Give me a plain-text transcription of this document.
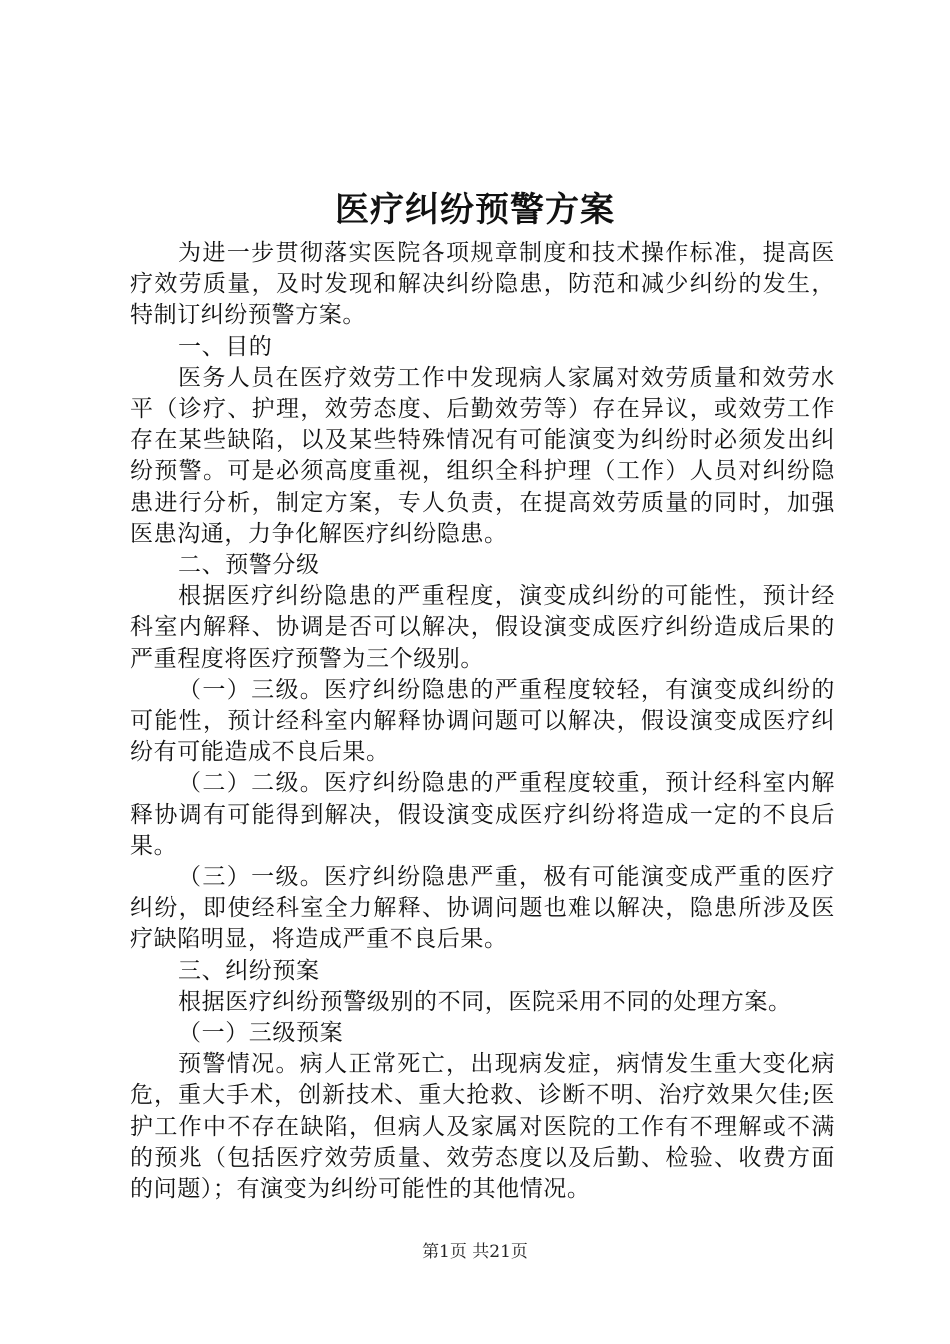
医疗纠纷预警方案

为进一步贯彻落实医院各项规章制度和技术操作标准，提高医疗效劳质量，及时发现和解决纠纷隐患，防范和减少纠纷的发生，特制订纠纷预警方案。

一、目的

医务人员在医疗效劳工作中发现病人家属对效劳质量和效劳水平（诊疗、护理，效劳态度、后勤效劳等）存在异议，或效劳工作存在某些缺陷，以及某些特殊情况有可能演变为纠纷时必须发出纠纷预警。可是必须高度重视，组织全科护理（工作）人员对纠纷隐患进行分析，制定方案，专人负责，在提高效劳质量的同时，加强医患沟通，力争化解医疗纠纷隐患。

二、预警分级

根据医疗纠纷隐患的严重程度，演变成纠纷的可能性，预计经科室内解释、协调是否可以解决，假设演变成医疗纠纷造成后果的严重程度将医疗预警为三个级别。

（一）三级。医疗纠纷隐患的严重程度较轻，有演变成纠纷的可能性，预计经科室内解释协调问题可以解决，假设演变成医疗纠纷有可能造成不良后果。

（二）二级。医疗纠纷隐患的严重程度较重，预计经科室内解释协调有可能得到解决，假设演变成医疗纠纷将造成一定的不良后果。

（三）一级。医疗纠纷隐患严重，极有可能演变成严重的医疗纠纷，即使经科室全力解释、协调问题也难以解决，隐患所涉及医疗缺陷明显，将造成严重不良后果。

三、纠纷预案

根据医疗纠纷预警级别的不同，医院采用不同的处理方案。

（一）三级预案

预警情况。病人正常死亡，出现病发症，病情发生重大变化病危，重大手术，创新技术、重大抢救、诊断不明、治疗效果欠佳;医护工作中不存在缺陷，但病人及家属对医院的工作有不理解或不满的预兆（包括医疗效劳质量、效劳态度以及后勤、检验、收费方面的问题）；有演变为纠纷可能性的其他情况。

第1页 共21页
